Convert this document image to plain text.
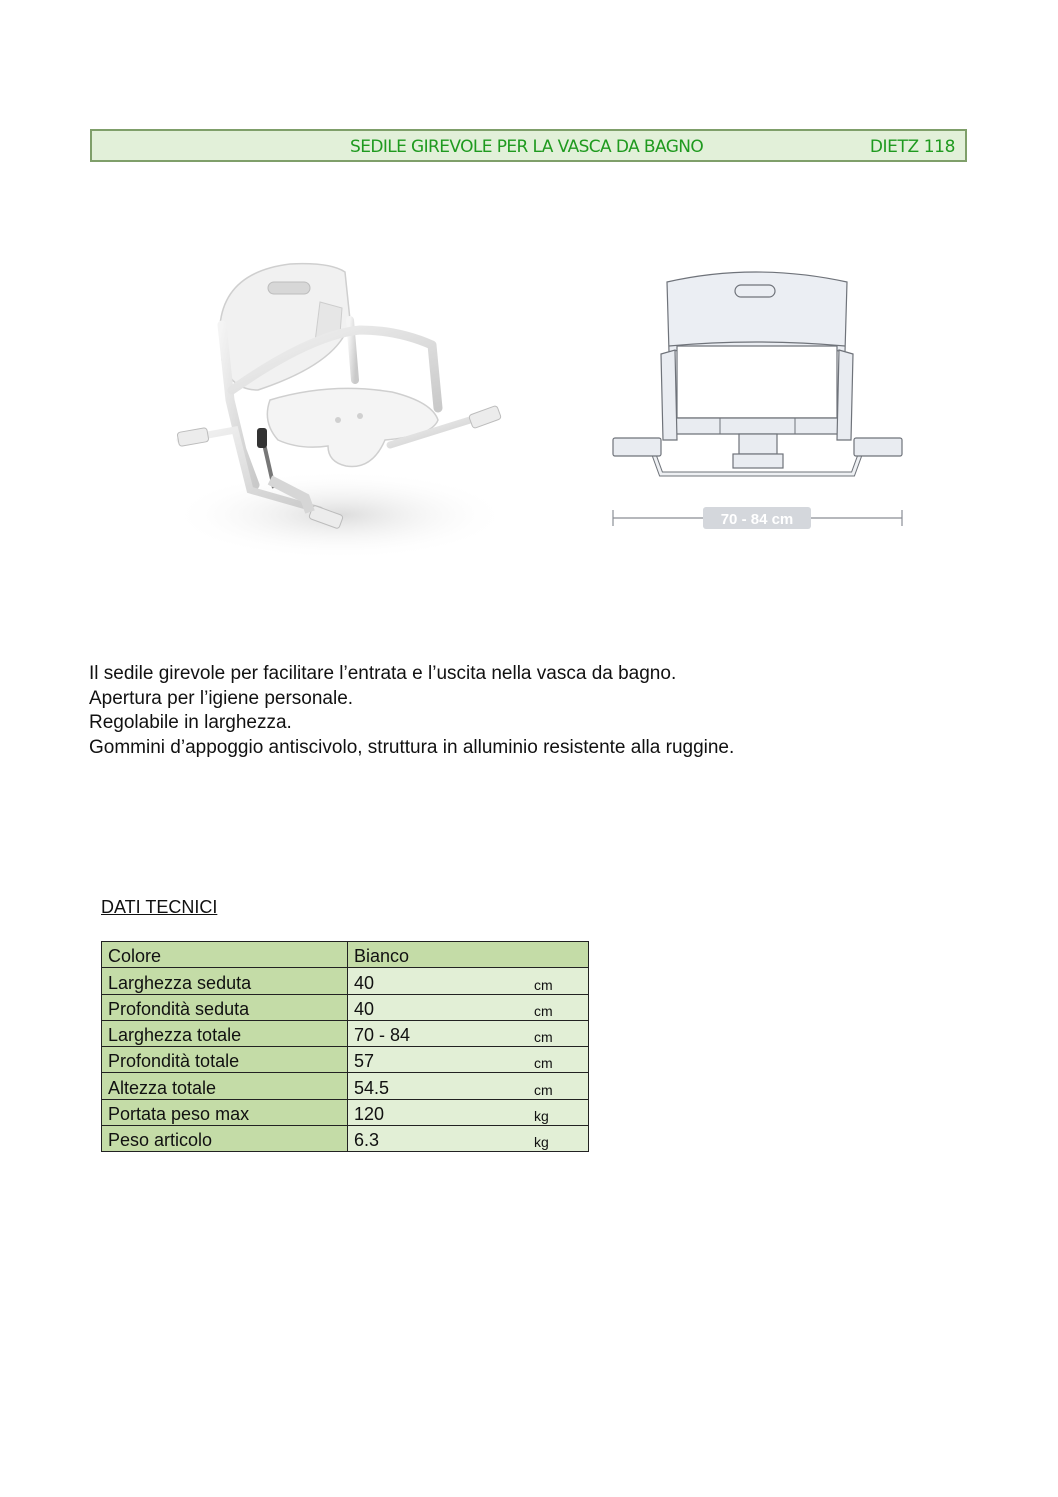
SEDILE GIREVOLE PER LA VASCA DA BAGNO	DIETZ 118
70 - 84 cm

Il sedile girevole per facilitare l’entrata e l’uscita nella vasca da bagno.

Apertura per l’igiene personale.

Regolabile in larghezza.

Gommini d’appoggio antiscivolo, struttura in alluminio resistente alla ruggine.

DATI TECNICI
Colore	Bianco

Larghezza seduta	40 cm

Profondità seduta	40 cm

Larghezza totale	70 - 84 cm

Profondità totale	57 cm

Altezza totale	54.5 cm

Portata peso max	120 kg

Peso articolo	6.3 kg
